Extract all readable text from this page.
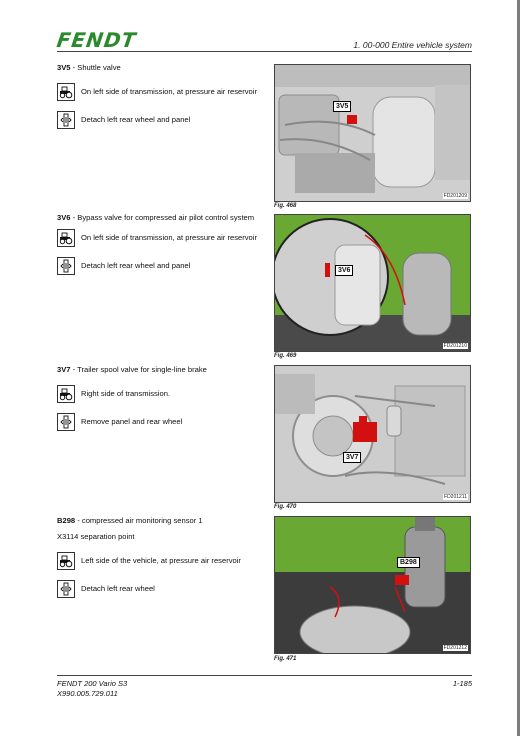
FENDT	1. 00-000 Entire vehicle system
3V5 - Shuttle valve
On left side of transmission, at pressure air reservoir
Detach left rear wheel and panel
3V5
FD201209
Fig. 468
3V6 - Bypass valve for compressed air pilot control system
On left side of transmission, at pressure air reservoir
Detach left rear wheel and panel
3V6
FD201210
Fig. 469
3V7 - Trailer spool valve for single-line brake
Right side of transmission.
Remove panel and rear wheel
3V7
FD201211
Fig. 470
B298 - compressed air monitoring sensor 1
X3114 separation point
Left side of the vehicle, at pressure air reservoir
Detach left rear wheel
B298
FD201212
Fig. 471
FENDT 200 Vario S3
X990.005.729.011
1-185
